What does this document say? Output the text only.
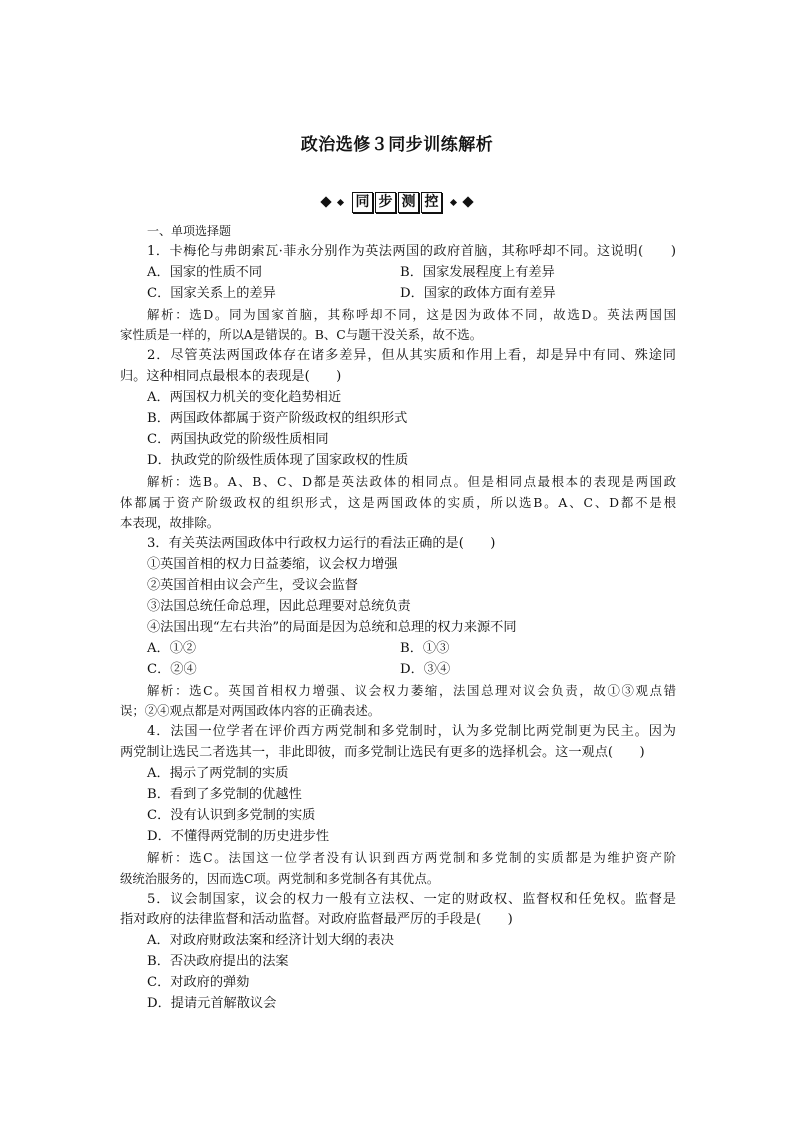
政治选修３同步训练解析
同 步 测 控
一、单项选择题
1．卡梅伦与弗朗索瓦·菲永分别作为英法两国的政府首脑，其称呼却不同。这说明(　　)
A．国家的性质不同	B．国家发展程度上有差异
C．国家关系上的差异	D．国家的政体方面有差异
解析：选D。同为国家首脑，其称呼却不同，这是因为政体不同，故选D。英法两国国
家性质是一样的，所以A是错误的。B、C与题干没关系，故不选。
2．尽管英法两国政体存在诸多差异，但从其实质和作用上看，却是异中有同、殊途同
归。这种相同点最根本的表现是(　　)
A．两国权力机关的变化趋势相近
B．两国政体都属于资产阶级政权的组织形式
C．两国执政党的阶级性质相同
D．执政党的阶级性质体现了国家政权的性质
解析：选B。A、B、C、D都是英法政体的相同点。但是相同点最根本的表现是两国政
体都属于资产阶级政权的组织形式，这是两国政体的实质，所以选B。A、C、D都不是根
本表现，故排除。
3．有关英法两国政体中行政权力运行的看法正确的是(　　)
①英国首相的权力日益萎缩，议会权力增强
②英国首相由议会产生，受议会监督
③法国总统任命总理，因此总理要对总统负责
④法国出现“左右共治”的局面是因为总统和总理的权力来源不同
A．①②	B．①③
C．②④	D．③④
解析：选C。英国首相权力增强、议会权力萎缩，法国总理对议会负责，故①③观点错
误；②④观点都是对两国政体内容的正确表述。
4．法国一位学者在评价西方两党制和多党制时，认为多党制比两党制更为民主。因为
两党制让选民二者选其一，非此即彼，而多党制让选民有更多的选择机会。这一观点(　　)
A．揭示了两党制的实质
B．看到了多党制的优越性
C．没有认识到多党制的实质
D．不懂得两党制的历史进步性
解析：选C。法国这一位学者没有认识到西方两党制和多党制的实质都是为维护资产阶
级统治服务的，因而选C项。两党制和多党制各有其优点。
5．议会制国家，议会的权力一般有立法权、一定的财政权、监督权和任免权。监督是
指对政府的法律监督和活动监督。对政府监督最严厉的手段是(　　)
A．对政府财政法案和经济计划大纲的表决
B．否决政府提出的法案
C．对政府的弹劾
D．提请元首解散议会
